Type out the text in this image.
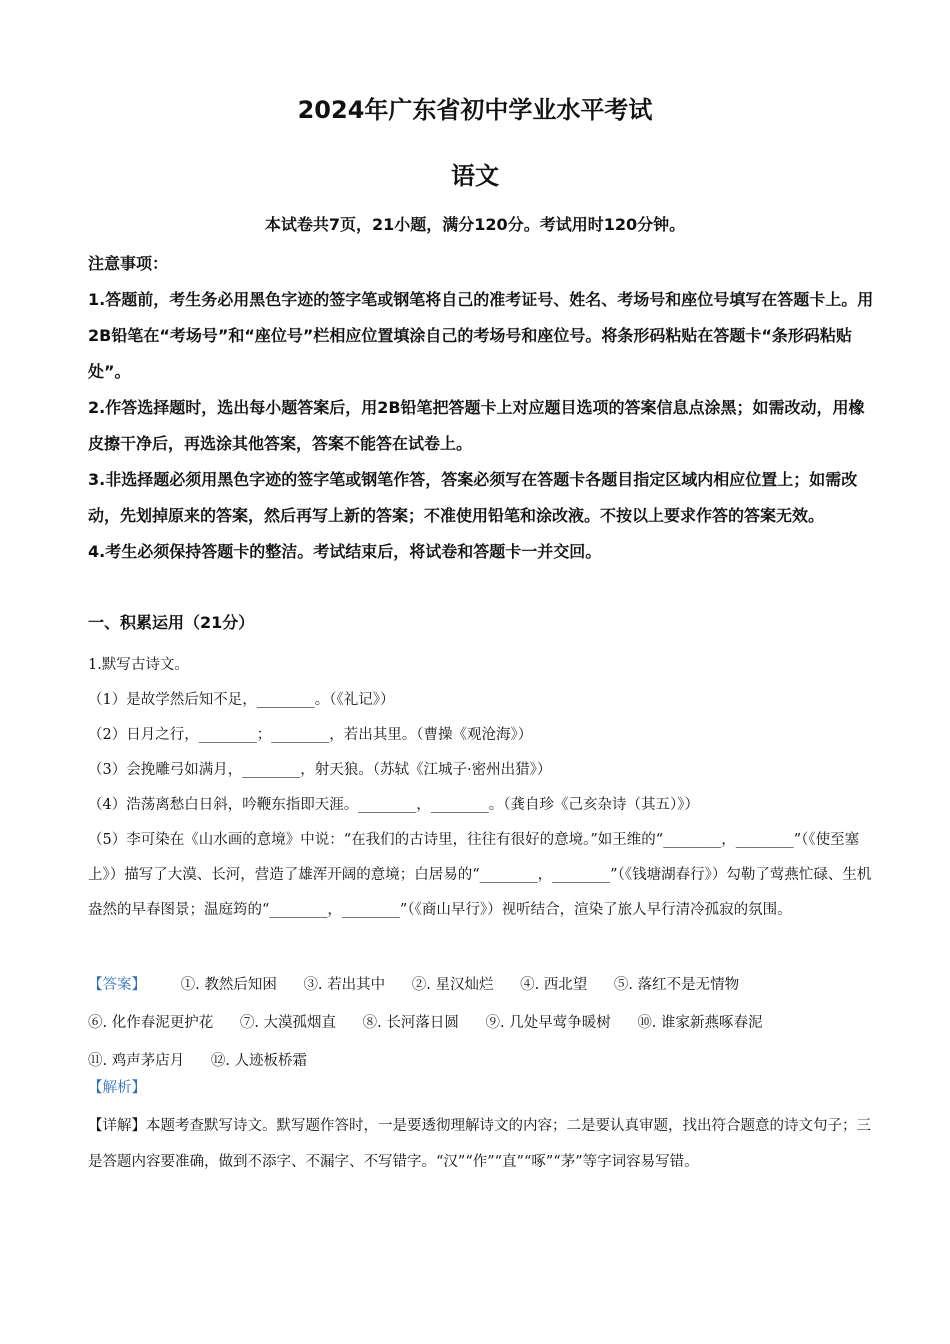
2024年广东省初中学业水平考试
语文
本试卷共7页，21小题，满分120分。考试用时120分钟。

注意事项：

1.答题前，考生务必用黑色字迹的签字笔或钢笔将自己的准考证号、姓名、考场号和座位号填写在答题卡上。用2B铅笔在“考场号”和“座位号”栏相应位置填涂自己的考场号和座位号。将条形码粘贴在答题卡“条形码粘贴处”。

2.作答选择题时，选出每小题答案后，用2B铅笔把答题卡上对应题目选项的答案信息点涂黑；如需改动，用橡皮擦干净后，再选涂其他答案，答案不能答在试卷上。

3.非选择题必须用黑色字迹的签字笔或钢笔作答，答案必须写在答题卡各题目指定区域内相应位置上；如需改动，先划掉原来的答案，然后再写上新的答案；不准使用铅笔和涂改液。不按以上要求作答的答案无效。

4.考生必须保持答题卡的整洁。考试结束后，将试卷和答题卡一并交回。

一、积累运用（21分）

1.默写古诗文。

（1）是故学然后知不足，________。（《礼记》）

（2）日月之行，________；________，若出其里。（曹操《观沧海》）

（3）会挽雕弓如满月，________，射天狼。（苏轼《江城子·密州出猎》）

（4）浩荡离愁白日斜，吟鞭东指即天涯。________，________。（龚自珍《己亥杂诗（其五）》）

（5）李可染在《山水画的意境》中说：“在我们的古诗里，往往有很好的意境。”如王维的“________，________”（《使至塞上》）描写了大漠、长河，营造了雄浑开阔的意境；白居易的“________，________”（《钱塘湖春行》）勾勒了莺燕忙碌、生机盎然的早春图景；温庭筠的“________，________”（《商山早行》）视听结合，渲染了旅人早行清冷孤寂的氛围。

【答案】 ①. 教然后知困 ③. 若出其中 ②. 星汉灿烂 ④. 西北望 ⑤. 落红不是无情物 ⑥. 化作春泥更护花 ⑦. 大漠孤烟直 ⑧. 长河落日圆 ⑨. 几处早莺争暖树 ⑩. 谁家新燕啄春泥 ⑪. 鸡声茅店月 ⑫. 人迹板桥霜
【解析】

【详解】本题考查默写诗文。默写题作答时，一是要透彻理解诗文的内容；二是要认真审题，找出符合题意的诗文句子；三是答题内容要准确，做到不添字、不漏字、不写错字。“汉”“作”“直”“啄”“茅”等字词容易写错。
